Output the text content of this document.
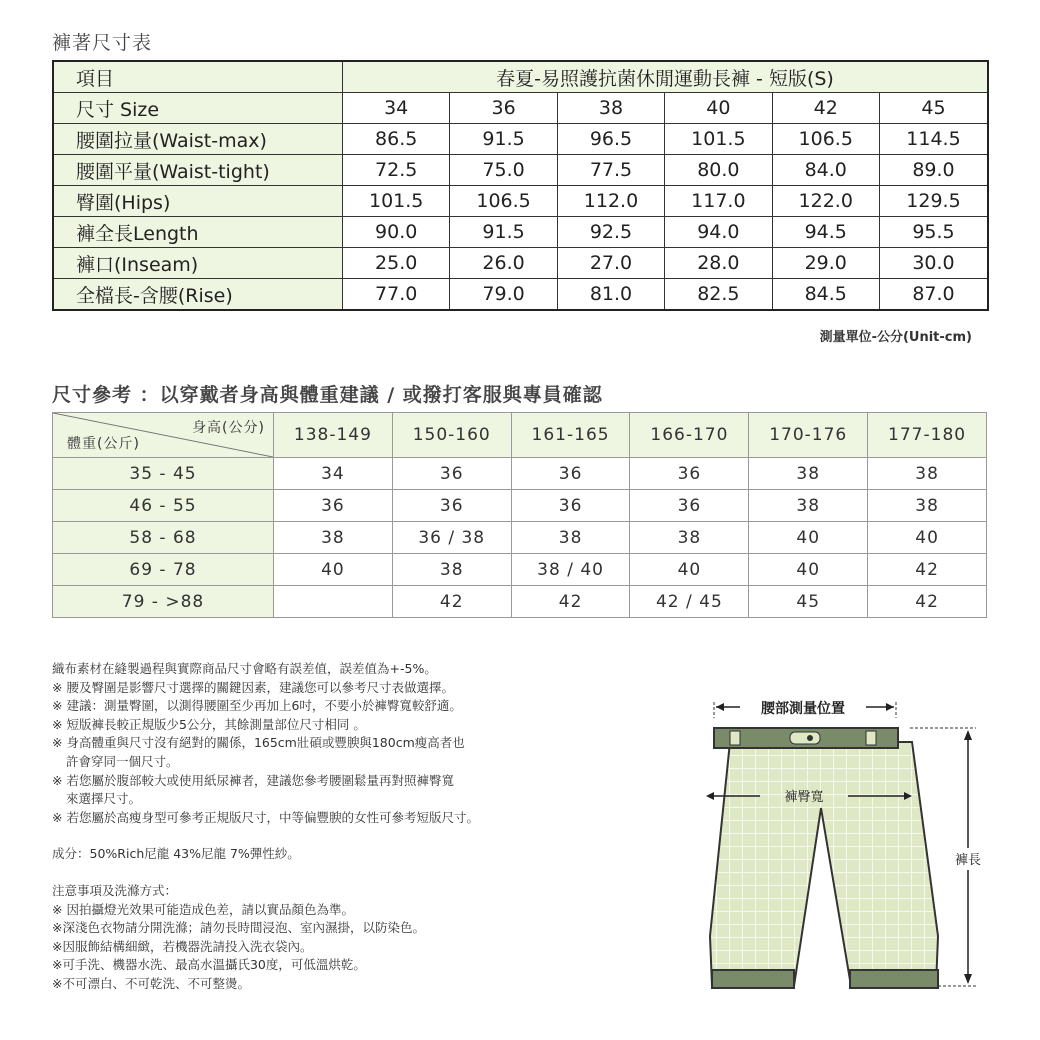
褲著尺寸表
項目	春夏-易照護抗菌休閒運動長褲 - 短版(S)					
尺寸 Size	34	36	38	40	42	45
腰圍拉量(Waist-max)	86.5	91.5	96.5	101.5	106.5	114.5
腰圍平量(Waist-tight)	72.5	75.0	77.5	80.0	84.0	89.0
臀圍(Hips)	101.5	106.5	112.0	117.0	122.0	129.5
褲全長Length	90.0	91.5	92.5	94.0	94.5	95.5
褲口(Inseam)	25.0	26.0	27.0	28.0	29.0	30.0
全檔長-含腰(Rise)	77.0	79.0	81.0	82.5	84.5	87.0
測量單位-公分(Unit-cm)
尺寸參考 ：以穿戴者身高與體重建議 / 或撥打客服與專員確認
身高(公分)
體重(公斤)	138-149	150-160	161-165	166-170	170-176	177-180
35 - 45	34	36	36	36	38	38
46 - 55	36	36	36	36	38	38
58 - 68	38	36 / 38	38	38	40	40
69 - 78	40	38	38 / 40	40	40	42
79 - >88		42	42	42 / 45	45	42
織布素材在縫製過程與實際商品尺寸會略有誤差值，誤差值為+-5%。
※ 腰及臀圍是影響尺寸選擇的關鍵因素，建議您可以參考尺寸表做選擇。
※ 建議：測量臀圍，以測得腰圍至少再加上6吋，不要小於褲臀寬較舒適。
※ 短版褲長較正規版少5公分，其餘測量部位尺寸相同 。
※ 身高體重與尺寸沒有絕對的關係，165cm壯碩或豐腴與180cm瘦高者也
許會穿同一個尺寸。
※ 若您屬於腹部較大或使用紙尿褲者，建議您參考腰圍鬆量再對照褲臀寬
來選擇尺寸。
※ 若您屬於高瘦身型可參考正規版尺寸，中等偏豐腴的女性可參考短版尺寸。
成分：50%Rich尼龍 43%尼龍 7%彈性紗。
注意事項及洗滌方式：
※ 因拍攝燈光效果可能造成色差，請以實品顏色為準。
※深淺色衣物請分開洗滌；請勿長時間浸泡、室內濕掛，以防染色。
※因服飾結構細緻，若機器洗請投入洗衣袋內。
※可手洗、機器水洗、最高水溫攝氏30度，可低溫烘乾。
※不可漂白、不可乾洗、不可整燙。
腰部測量位置
褲臀寬
褲長
